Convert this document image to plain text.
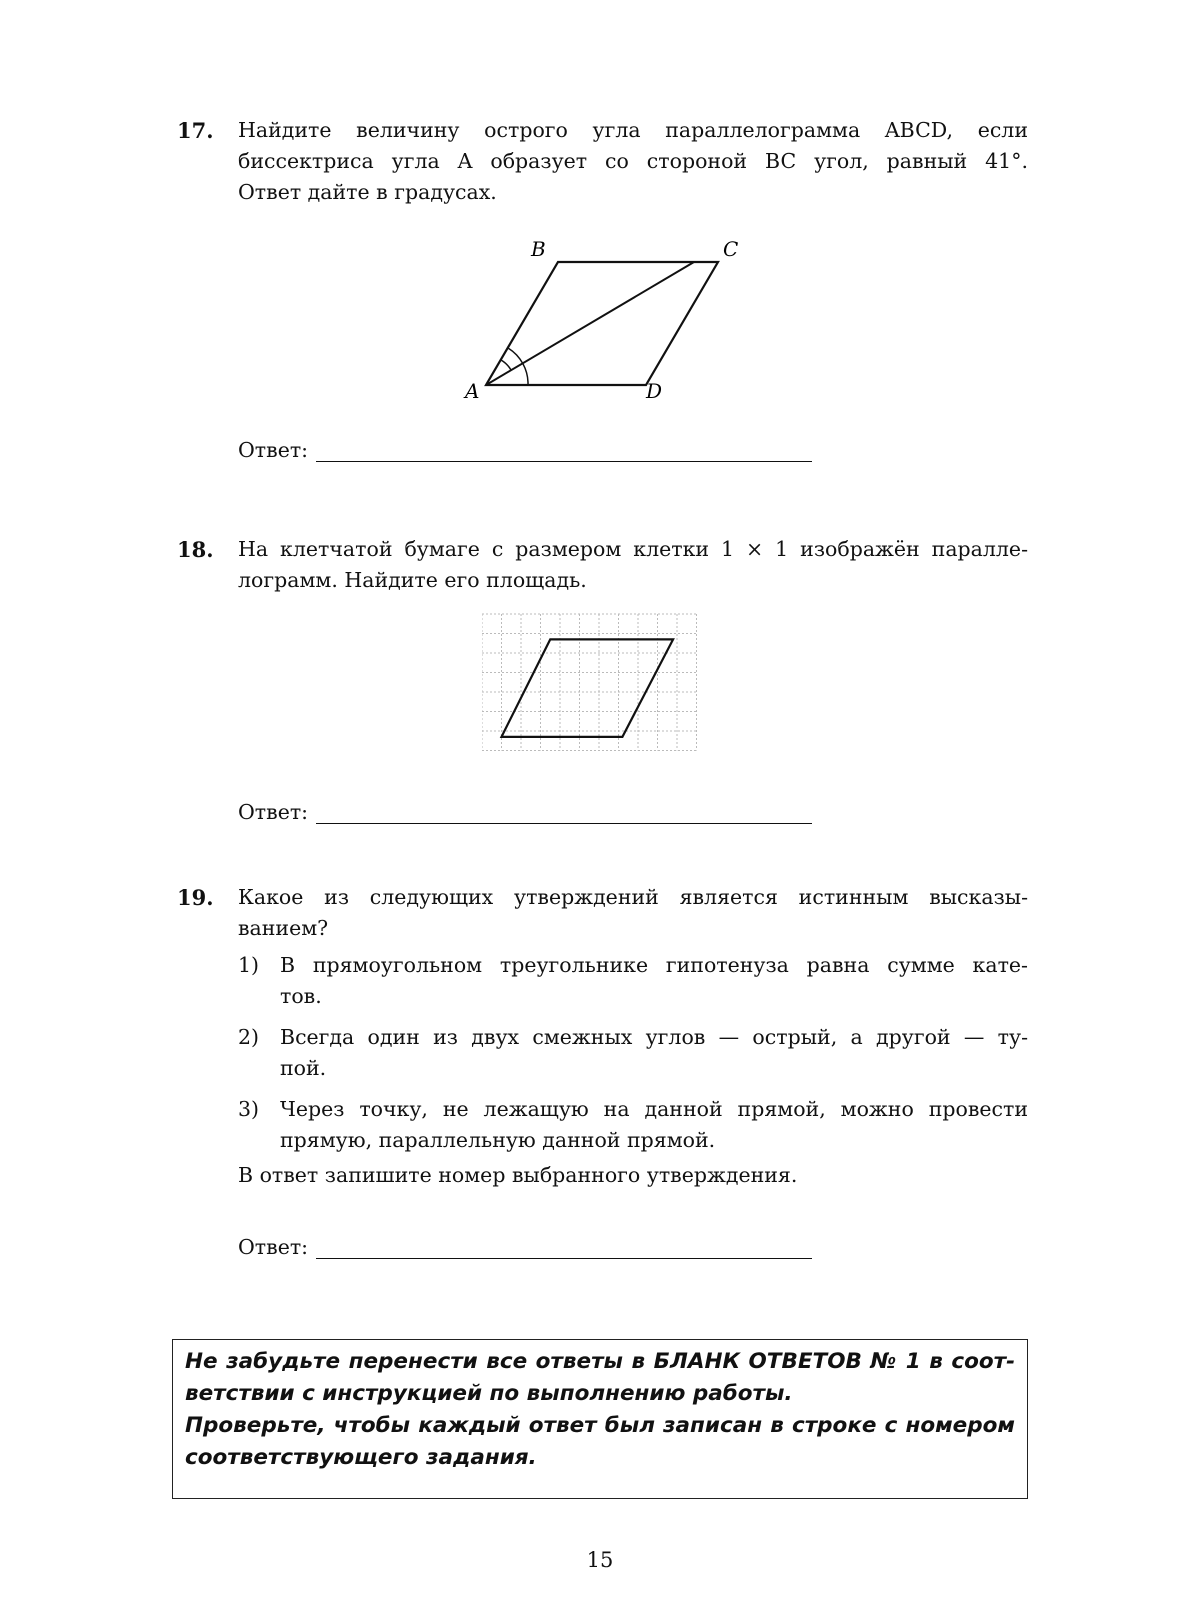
17. Найдите величину острого угла параллелограмма ABCD, если

биссектриса угла A образует со стороной BC угол, равный 41°.

Ответ дайте в градусах.

B	C
A	D
Ответ:
18. На клетчатой бумаге с размером клетки 1 × 1 изображён паралле-

лограмм. Найдите его площадь.

Ответ:
19. Какое из следующих утверждений является истинным высказы-

ванием?

1) В прямоугольном треугольнике гипотенуза равна сумме кате-
тов.
2) Всегда один из двух смежных углов — острый, а другой — ту-
пой.
3) Через точку, не лежащую на данной прямой, можно провести
прямую, параллельную данной прямой.
В ответ запишите номер выбранного утверждения.
Ответ:

Не забудьте перенести все ответы в БЛАНК ОТВЕТОВ № 1 в соот-

ветствии с инструкцией по выполнению работы.

Проверьте, чтобы каждый ответ был записан в строке с номером

соответствующего задания.

15
